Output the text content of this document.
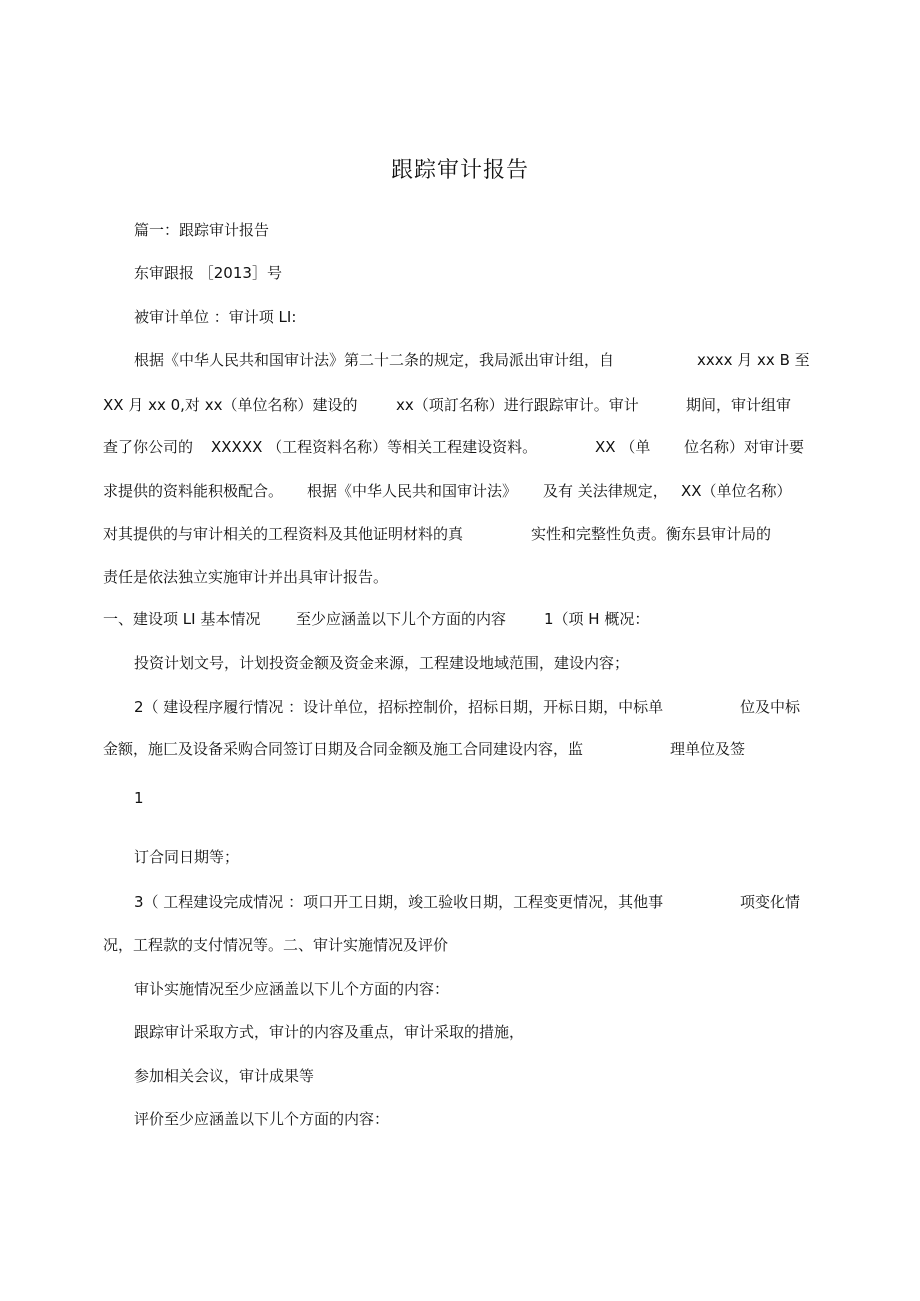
跟踪审计报告
篇一：跟踪审计报告
东审跟报 ［2013］号
被审计单位 ：审计项 LI:
根据《中华人民共和国审计法》第二十二条的规定，我局派出审计组，自	xxxx 月 xx B 至
XX 月 xx 0,对 xx（单位名称）建设的	xx（项訂名称）进行跟踪审计。审计	期间，审计组审
查了你公司的 XXXXX （工程资料名称）等相关工程建设资料。	XX （单 位名称）对审计要
求提供的资料能积极配合。 根据《中华人民共和国审计法》 及有 关法律规定， XX（单位名称）
对其提供的与审计相关的工程资料及其他证明材料的真	实性和完整性负责。衡东县审计局的
责任是依法独立实施审计并出具审计报告。
一、建设项 LI 基本情况 至少应涵盖以下儿个方面的内容	1（项 H 概况：
投资计划文号，计划投资金额及资金来源，工程建设地域范围，建设内容；
2（ 建设程序履行情况 ：设计单位，招标控制价，招标日期，开标日期，中标单	位及中标
金额，施匚及设备采购合同签订日期及合同金额及施工合同建设内容，监	理单位及签
1
订合同日期等；
3（ 工程建设完成情况 ：项口开工日期，竣工验收日期，工程变更情况，其他事	项变化情
况，工程款的支付情况等。二、审计实施情况及评价
审讣实施情况至少应涵盖以下儿个方面的内容：
跟踪审计采取方式，审计的内容及重点，审计采取的措施，
参加相关会议，审计成果等
评价至少应涵盖以下儿个方面的内容：
